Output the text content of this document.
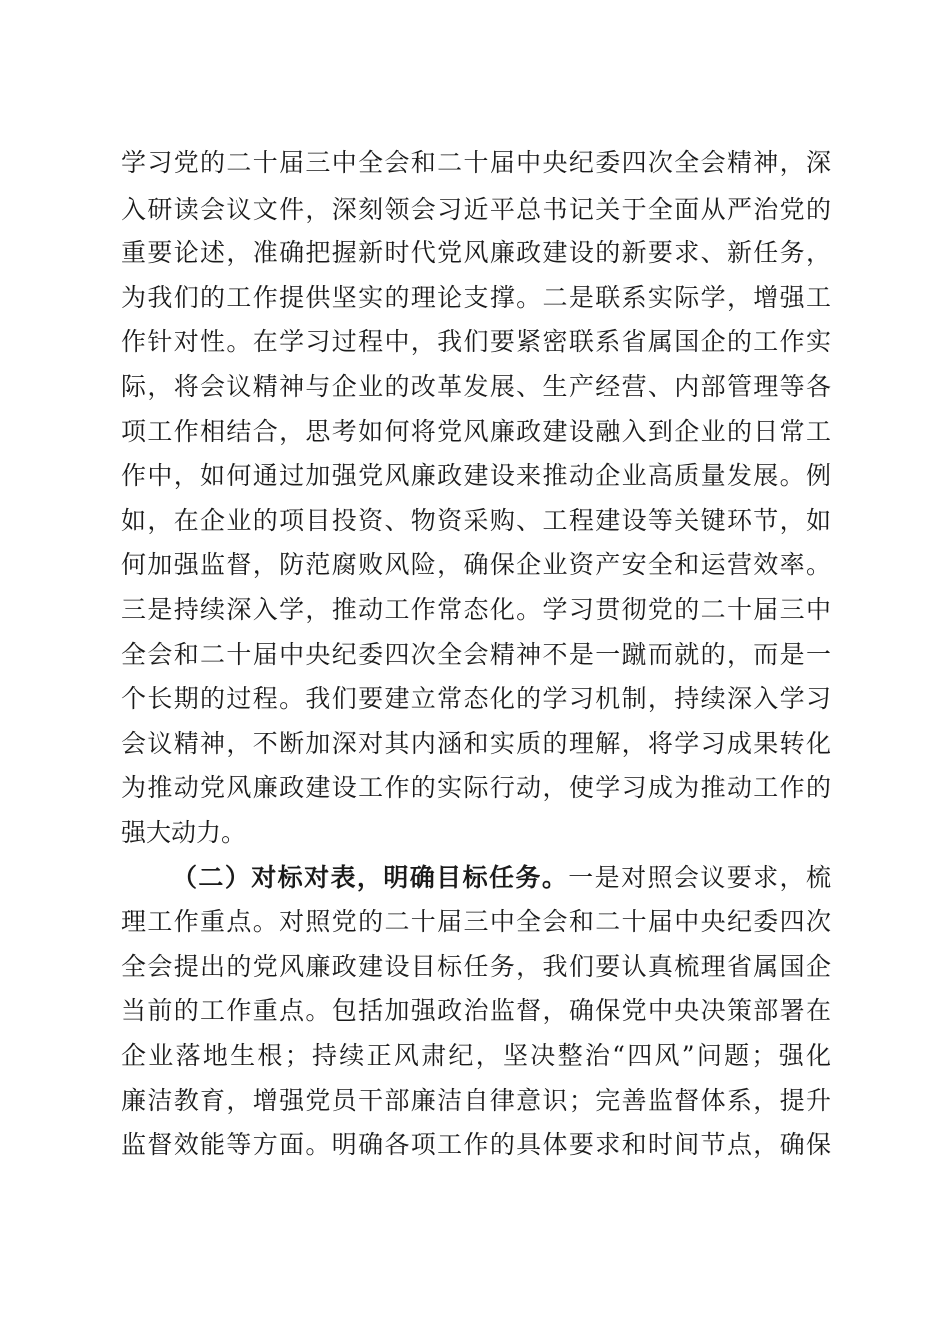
学习党的二十届三中全会和二十届中央纪委四次全会精神，深
入研读会议文件，深刻领会习近平总书记关于全面从严治党的
重要论述，准确把握新时代党风廉政建设的新要求、新任务，
为我们的工作提供坚实的理论支撑。二是联系实际学，增强工
作针对性。在学习过程中，我们要紧密联系省属国企的工作实
际，将会议精神与企业的改革发展、生产经营、内部管理等各
项工作相结合，思考如何将党风廉政建设融入到企业的日常工
作中，如何通过加强党风廉政建设来推动企业高质量发展。例
如，在企业的项目投资、物资采购、工程建设等关键环节，如
何加强监督，防范腐败风险，确保企业资产安全和运营效率。
三是持续深入学，推动工作常态化。学习贯彻党的二十届三中
全会和二十届中央纪委四次全会精神不是一蹴而就的，而是一
个长期的过程。我们要建立常态化的学习机制，持续深入学习
会议精神，不断加深对其内涵和实质的理解，将学习成果转化
为推动党风廉政建设工作的实际行动，使学习成为推动工作的
强大动力。
（二）对标对表，明确目标任务。一是对照会议要求，梳
理工作重点。对照党的二十届三中全会和二十届中央纪委四次
全会提出的党风廉政建设目标任务，我们要认真梳理省属国企
当前的工作重点。包括加强政治监督，确保党中央决策部署在
企业落地生根；持续正风肃纪，坚决整治“四风”问题；强化
廉洁教育，增强党员干部廉洁自律意识；完善监督体系，提升
监督效能等方面。明确各项工作的具体要求和时间节点，确保
